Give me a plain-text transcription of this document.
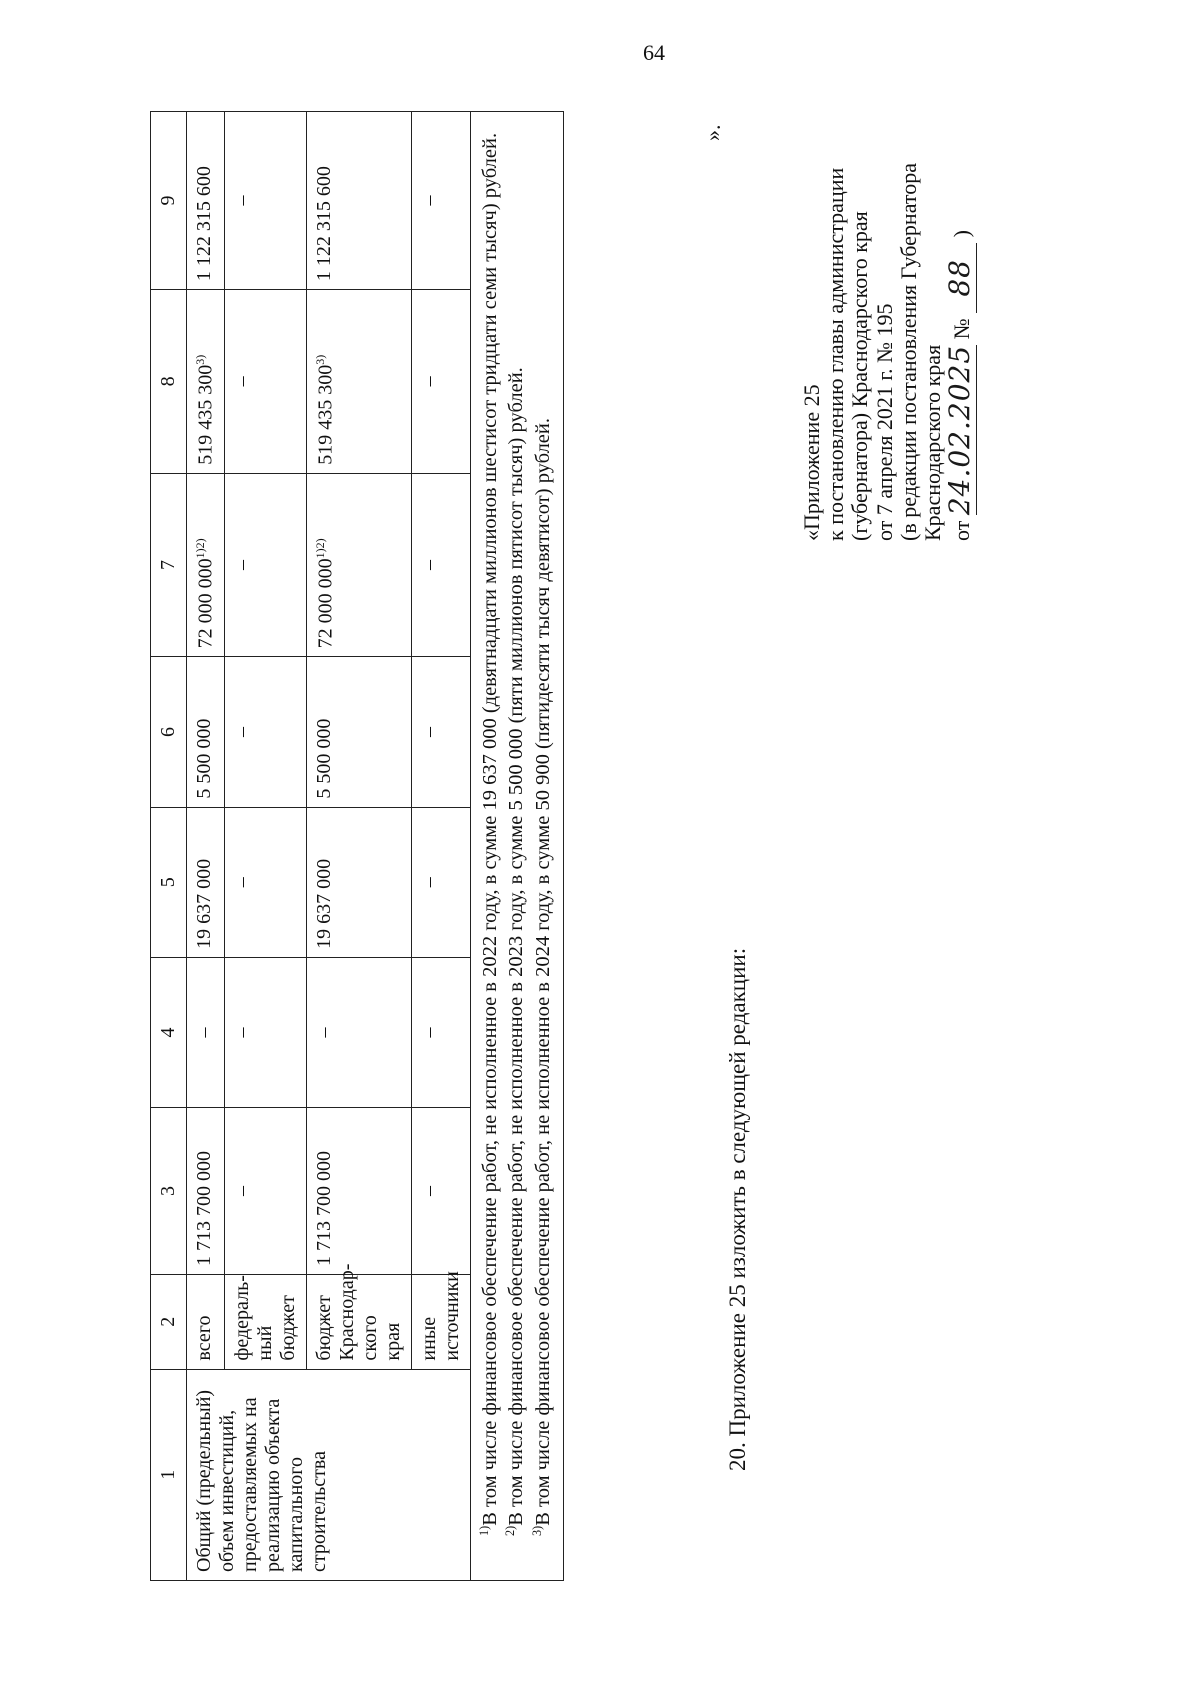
64
1	2	3	4	5	6	7	8	9
Общий (предельный) объем инвестиций, предоставляемых на реализацию объекта капитального строительства	всего	1 713 700 000	–	19 637 000	5 500 000	72 000 $000^{1)2)}$	519 435 300$^{3)}$	1 122 315 600
	федераль-ный бюджет	–	–	–	–	–	–	–
	бюджет Краснодар-ского края	1 713 700 000	–	19 637 000	5 500 000	72 000 $000^{1)2)}$	519 435 300$^{3)}$	1 122 315 600
	иные источники	–	–	–	–	–	–	–

$^{1)}$В том числе финансовое обеспечение работ, не исполненное в 2022 году, в сумме 19 637 000 (девятнадцати миллионов шестисот тридцати семи тысяч) рублей.

$^{2)}$В том числе финансовое обеспечение работ, не исполненное в 2023 году, в сумме 5 500 000 (пяти миллионов пятисот тысяч) рублей.

$^{3)}$В том числе финансовое обеспечение работ, не исполненное в 2024 году, в сумме 50 900 (пятидесяти тысяч девятисот) рублей.								

».
20. Приложение 25 изложить в следующей редакции:
«Приложение 25 к постановлению главы администрации (губернатора) Краснодарского края от 7 апреля 2021 г. № 195 (в редакции постановления Губернатора Краснодарского края от 24.02.2025 № 88 )
